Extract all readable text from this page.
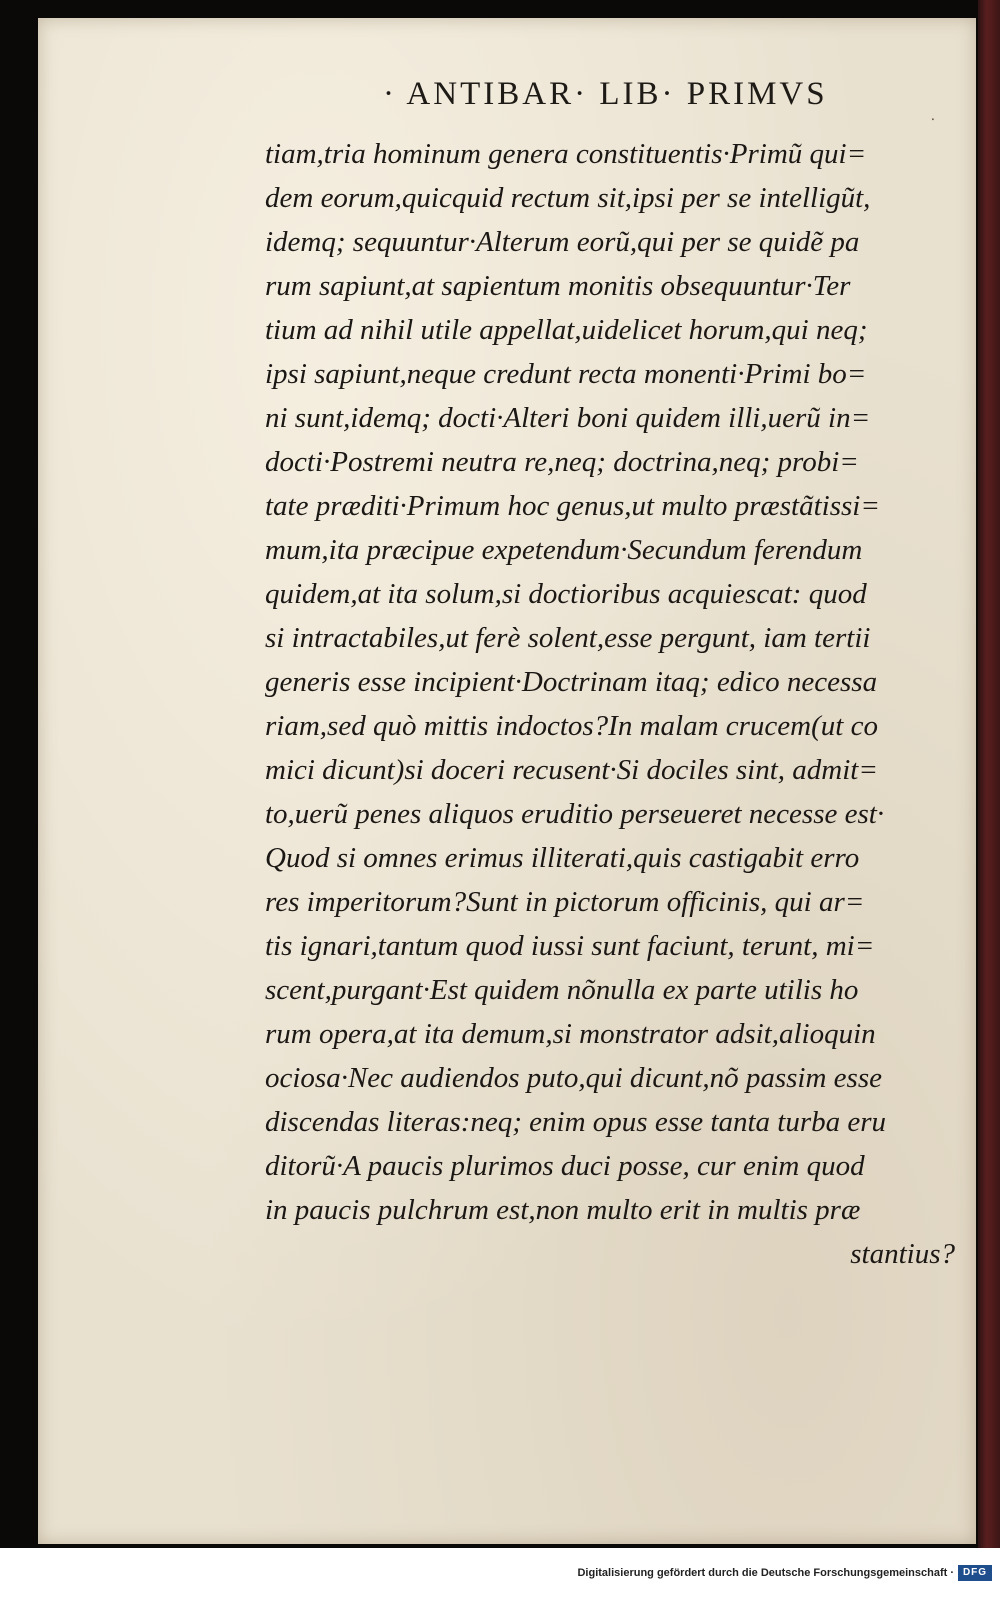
· ANTIBAR· LIB· PRIMVS
⸱
tiam,tria hominum genera constituentis·Primũ qui=
dem eorum,quicquid rectum sit,ipsi per se intelligũt,
idemq; sequuntur·Alterum eorũ,qui per se quidẽ pa
rum sapiunt,at sapientum monitis obsequuntur·Ter
tium ad nihil utile appellat,uidelicet horum,qui neq;
ipsi sapiunt,neque credunt recta monenti·Primi bo=
ni sunt,idemq; docti·Alteri boni quidem illi,uerũ in=
docti·Postremi neutra re,neq; doctrina,neq; probi=
tate præditi·Primum hoc genus,ut multo præstãtissi=
mum,ita præcipue expetendum·Secundum ferendum
quidem,at ita solum,si doctioribus acquiescat: quod
si intractabiles,ut ferè solent,esse pergunt, iam tertii
generis esse incipient·Doctrinam itaq; edico necessa
riam,sed quò mittis indoctos?In malam crucem(ut co
mici dicunt)si doceri recusent·Si dociles sint, admit=
to,uerũ penes aliquos eruditio perseueret necesse est·
Quod si omnes erimus illiterati,quis castigabit erro
res imperitorum?Sunt in pictorum officinis, qui ar=
tis ignari,tantum quod iussi sunt faciunt, terunt, mi=
scent,purgant·Est quidem nõnulla ex parte utilis ho
rum opera,at ita demum,si monstrator adsit,alioquin
ociosa·Nec audiendos puto,qui dicunt,nõ passim esse
discendas literas:neq; enim opus esse tanta turba eru
ditorũ·A paucis plurimos duci posse, cur enim quod
in paucis pulchrum est,non multo erit in multis præ
stantius?
Digitalisierung gefördert durch die Deutsche Forschungsgemeinschaft · DFG
